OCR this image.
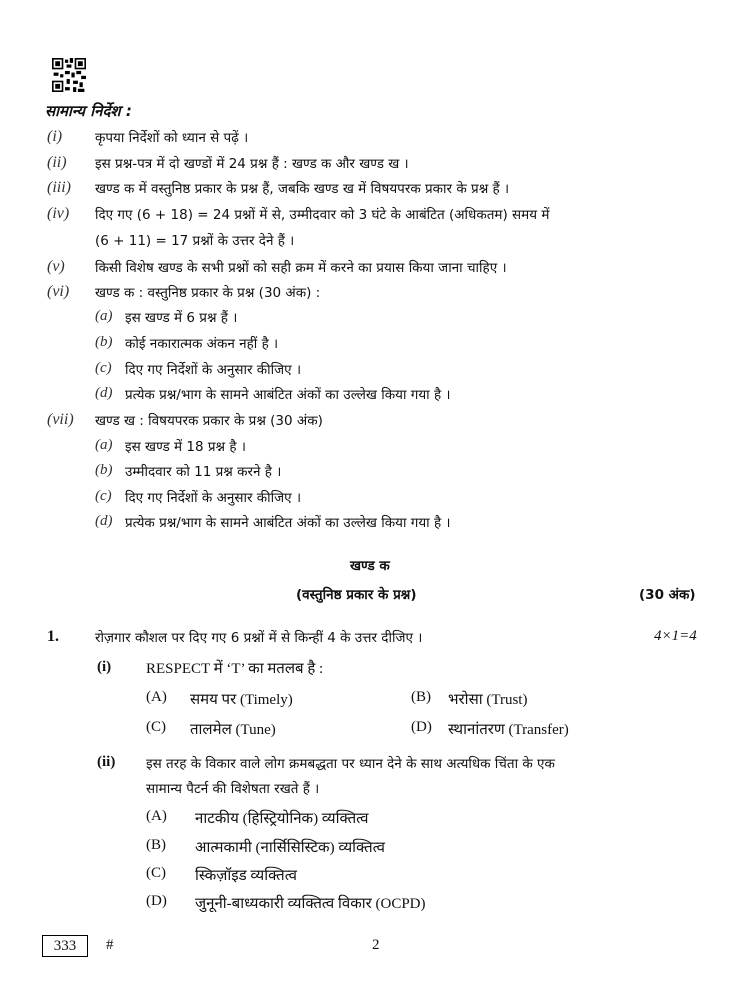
सामान्य निर्देश :
(i) कृपया निर्देशों को ध्यान से पढ़ें ।
(ii) इस प्रश्न-पत्र में दो खण्डों में 24 प्रश्न हैं : खण्ड क और खण्ड ख ।
(iii) खण्ड क में वस्तुनिष्ठ प्रकार के प्रश्न हैं, जबकि खण्ड ख में विषयपरक प्रकार के प्रश्न हैं ।
(iv) दिए गए (6 + 18) = 24 प्रश्नों में से, उम्मीदवार को 3 घंटे के आबंटित (अधिकतम) समय में
(6 + 11) = 17 प्रश्नों के उत्तर देने हैं ।
(v) किसी विशेष खण्ड के सभी प्रश्नों को सही क्रम में करने का प्रयास किया जाना चाहिए ।
(vi) खण्ड क : वस्तुनिष्ठ प्रकार के प्रश्न (30 अंक) :
(a) इस खण्ड में 6 प्रश्न हैं ।
(b) कोई नकारात्मक अंकन नहीं है ।
(c) दिए गए निर्देशों के अनुसार कीजिए ।
(d) प्रत्येक प्रश्न/भाग के सामने आबंटित अंकों का उल्लेख किया गया है ।
(vii) खण्ड ख : विषयपरक प्रकार के प्रश्न (30 अंक)
(a) इस खण्ड में 18 प्रश्न है ।
(b) उम्मीदवार को 11 प्रश्न करने है ।
(c) दिए गए निर्देशों के अनुसार कीजिए ।
(d) प्रत्येक प्रश्न/भाग के सामने आबंटित अंकों का उल्लेख किया गया है ।
खण्ड क
(वस्तुनिष्ठ प्रकार के प्रश्न)	(30 अंक)
1.	रोज़गार कौशल पर दिए गए 6 प्रश्नों में से किन्हीं 4 के उत्तर दीजिए ।	4×1=4
(i) RESPECT में ‘T’ का मतलब है :
(A) समय पर (Timely)	(B) भरोसा (Trust)
(C) तालमेल (Tune)	(D) स्थानांतरण (Transfer)
(ii) इस तरह के विकार वाले लोग क्रमबद्धता पर ध्यान देने के साथ अत्यधिक चिंता के एक
सामान्य पैटर्न की विशेषता रखते हैं ।
(A) नाटकीय (हिस्ट्रियोनिक) व्यक्तित्व
(B) आत्मकामी (नार्सिसिस्टिक) व्यक्तित्व
(C) स्किज़ॉइड व्यक्तित्व
(D) जुनूनी-बाध्यकारी व्यक्तित्व विकार (OCPD)
333	#	2
